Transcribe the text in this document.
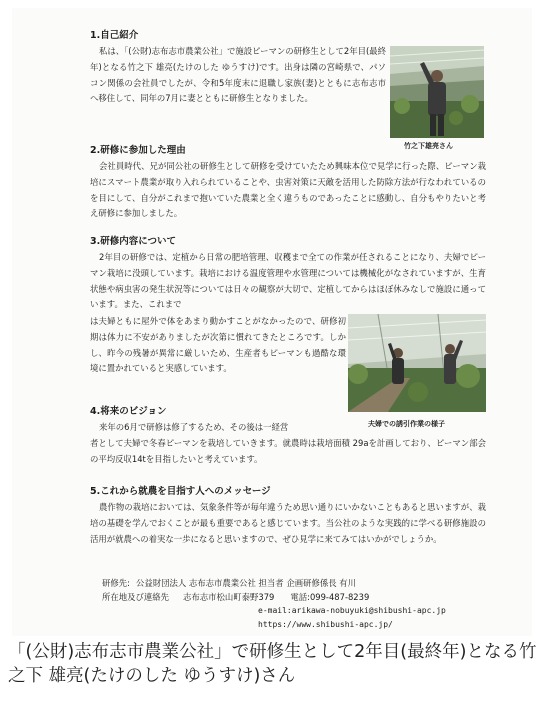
1.自己紹介

私は、「(公財)志布志市農業公社」で施設ピーマンの研修生として2年目(最終年)となる竹之下 雄亮(たけのした ゆうすけ)です。出身は隣の宮崎県で、パソコン関係の会社員でしたが、令和5年度末に退職し家族(妻)とともに志布志市へ移住して、同年の7月に妻とともに研修生となりました。

竹之下雄亮さん
2.研修に参加した理由

会社員時代、兄が同公社の研修生として研修を受けていたため興味本位で見学に行った際、ピーマン栽培にスマート農業が取り入れられていることや、虫害対策に天敵を活用した防除方法が行なわれているのを目にして、自分がこれまで抱いていた農業と全く違うものであったことに感動し、自分もやりたいと考え研修に参加しました。

3.研修内容について

2年目の研修では、定植から日常の肥培管理、収穫まで全ての作業が任されることになり、夫婦でピーマン栽培に没頭しています。栽培における温度管理や水管理については機械化がなされていますが、生育状態や病虫害の発生状況等については日々の観察が大切で、定植してからはほぼ休みなしで施設に通っています。また、これまで

は夫婦ともに屋外で体をあまり動かすことがなかったので、研修初期は体力に不安がありましたが次第に慣れてきたところです。しかし、昨今の残暑が異常に厳しいため、生産者もピーマンも過酷な環境に置かれていると実感しています。

夫婦での誘引作業の様子
4.将来のビジョン

来年の6月で研修は修了するため、その後は一経営

者として夫婦で冬春ピーマンを栽培していきます。就農時は栽培面積 29aを計画しており、ピーマン部会の平均反収14tを目指したいと考えています。

5.これから就農を目指す人へのメッセージ

農作物の栽培においては、気象条件等が毎年違うため思い通りにいかないこともあると思いますが、栽培の基礎を学んでおくことが最も重要であると感じています。当公社のような実践的に学べる研修施設の活用が就農への着実な一歩になると思いますので、ぜひ見学に来てみてはいかがでしょうか。

研修先: 公益財団法人 志布志市農業公社 担当者 企画研修係長 有川
所在地及び連絡先 志布志市松山町泰野379 電話:099-487-8239
e-mail:arikawa-nobuyuki@shibushi-apc.jp
https://www.shibushi-apc.jp/
「(公財)志布志市農業公社」で研修生として2年目(最終年)となる竹之下 雄亮(たけのした ゆうすけ)さん
